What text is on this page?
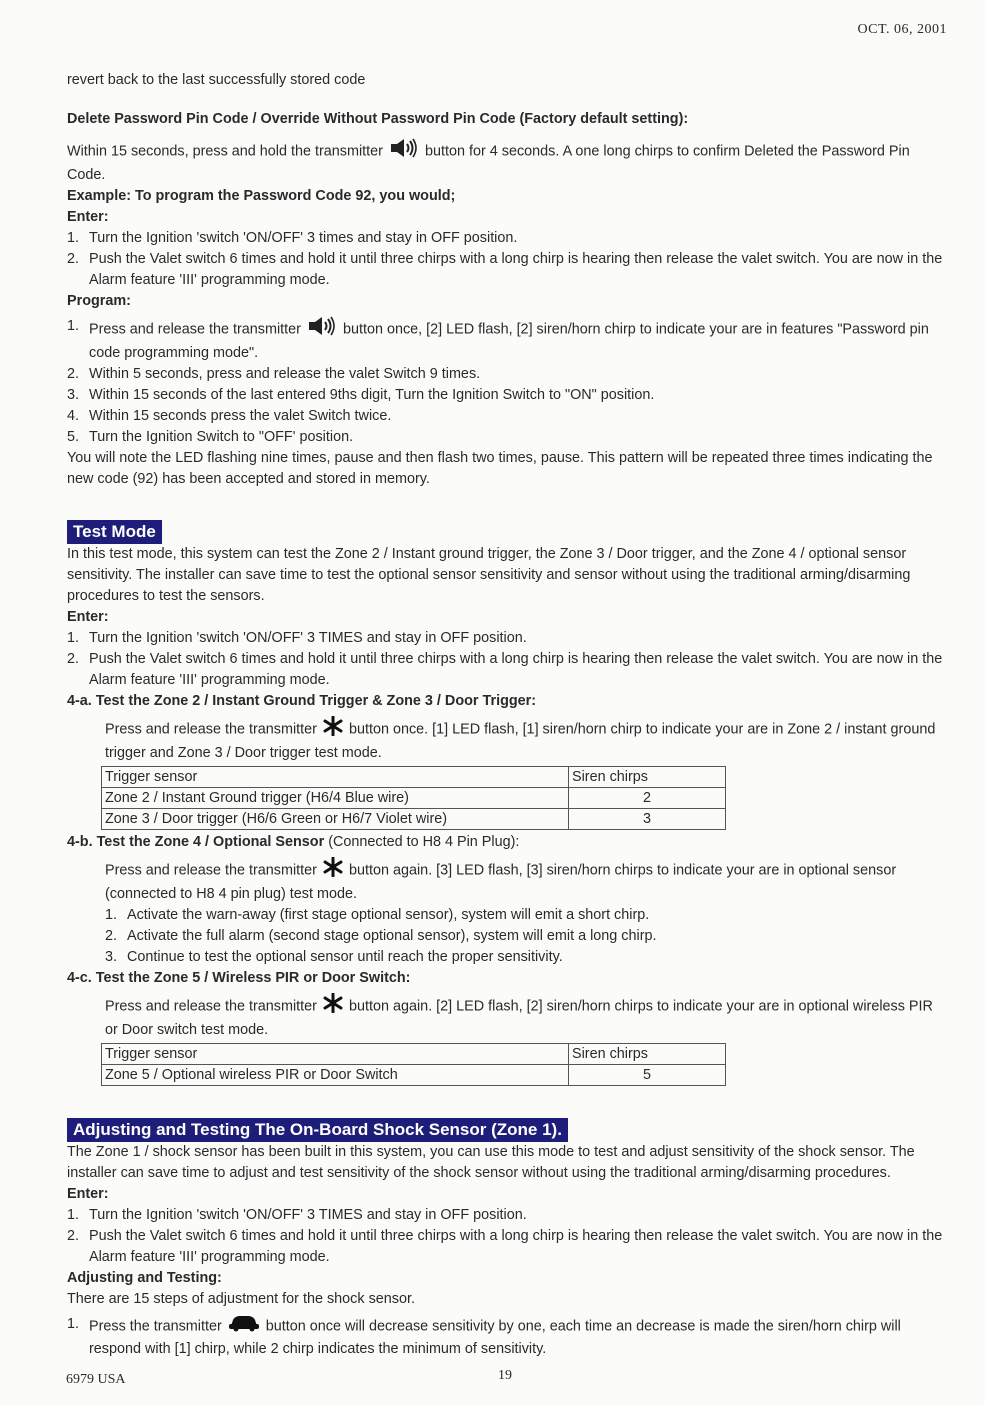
OCT. 06, 2001

revert back to the last successfully stored code

Delete Password Pin Code / Override Without Password Pin Code (Factory default setting):

Within 15 seconds, press and hold the transmitter	button for 4 seconds. A one long chirps to confirm Deleted the Password Pin Code.

Example: To program the Password Code 92, you would;

Enter:

1. Turn the Ignition 'switch 'ON/OFF' 3 times and stay in OFF position.
2. Push the Valet switch 6 times and hold it until three chirps with a long chirp is hearing then release the valet switch. You are now in the Alarm feature 'III' programming mode.

Program:

1. Press and release the transmitter	button once, [2] LED flash, [2] siren/horn chirp to indicate your are in features "Password pin code programming mode".
2. Within 5 seconds, press and release the valet Switch 9 times.
3. Within 15 seconds of the last entered 9ths digit, Turn the Ignition Switch to "ON" position.
4. Within 15 seconds press the valet Switch twice.
5. Turn the Ignition Switch to "OFF' position.

You will note the LED flashing nine times, pause and then flash two times, pause. This pattern will be repeated three times indicating the new code (92) has been accepted and stored in memory.

Test Mode

In this test mode, this system can test the Zone 2 / Instant ground trigger, the Zone 3 / Door trigger, and the Zone 4 / optional sensor sensitivity. The installer can save time to test the optional sensor sensitivity and sensor without using the traditional arming/disarming procedures to test the sensors.

Enter:

1. Turn the Ignition 'switch 'ON/OFF' 3 TIMES and stay in OFF position.
2. Push the Valet switch 6 times and hold it until three chirps with a long chirp is hearing then release the valet switch. You are now in the Alarm feature 'III' programming mode.

4-a. Test the Zone 2 / Instant Ground Trigger & Zone 3 / Door Trigger:

Press and release the transmitter button once. [1] LED flash, [1] siren/horn chirp to indicate your are in Zone 2 / instant ground trigger and Zone 3 / Door trigger test mode.

Trigger sensor	Siren chirps
Zone 2 / Instant Ground trigger (H6/4 Blue wire)	2
Zone 3 / Door trigger (H6/6 Green or H6/7 Violet wire)	3

4-b. Test the Zone 4 / Optional Sensor (Connected to H8 4 Pin Plug):

Press and release the transmitter button again. [3] LED flash, [3] siren/horn chirps to indicate your are in optional sensor (connected to H8 4 pin plug) test mode.

1. Activate the warn-away (first stage optional sensor), system will emit a short chirp.
2. Activate the full alarm (second stage optional sensor), system will emit a long chirp.
3. Continue to test the optional sensor until reach the proper sensitivity.

4-c. Test the Zone 5 / Wireless PIR or Door Switch:

Press and release the transmitter button again. [2] LED flash, [2] siren/horn chirps to indicate your are in optional wireless PIR or Door switch test mode.

Trigger sensor	Siren chirps
Zone 5 / Optional wireless PIR or Door Switch	5
Adjusting and Testing The On-Board Shock Sensor (Zone 1).

The Zone 1 / shock sensor has been built in this system, you can use this mode to test and adjust sensitivity of the shock sensor. The installer can save time to adjust and test sensitivity of the shock sensor without using the traditional arming/disarming procedures.

Enter:

1. Turn the Ignition 'switch 'ON/OFF' 3 TIMES and stay in OFF position.
2. Push the Valet switch 6 times and hold it until three chirps with a long chirp is hearing then release the valet switch. You are now in the Alarm feature 'III' programming mode.

Adjusting and Testing:

There are 15 steps of adjustment for the shock sensor.

1. Press the transmitter	button once will decrease sensitivity by one, each time an decrease is made the siren/horn chirp will respond with [1] chirp, while 2 chirp indicates the minimum of sensitivity.
6979 USA	19
